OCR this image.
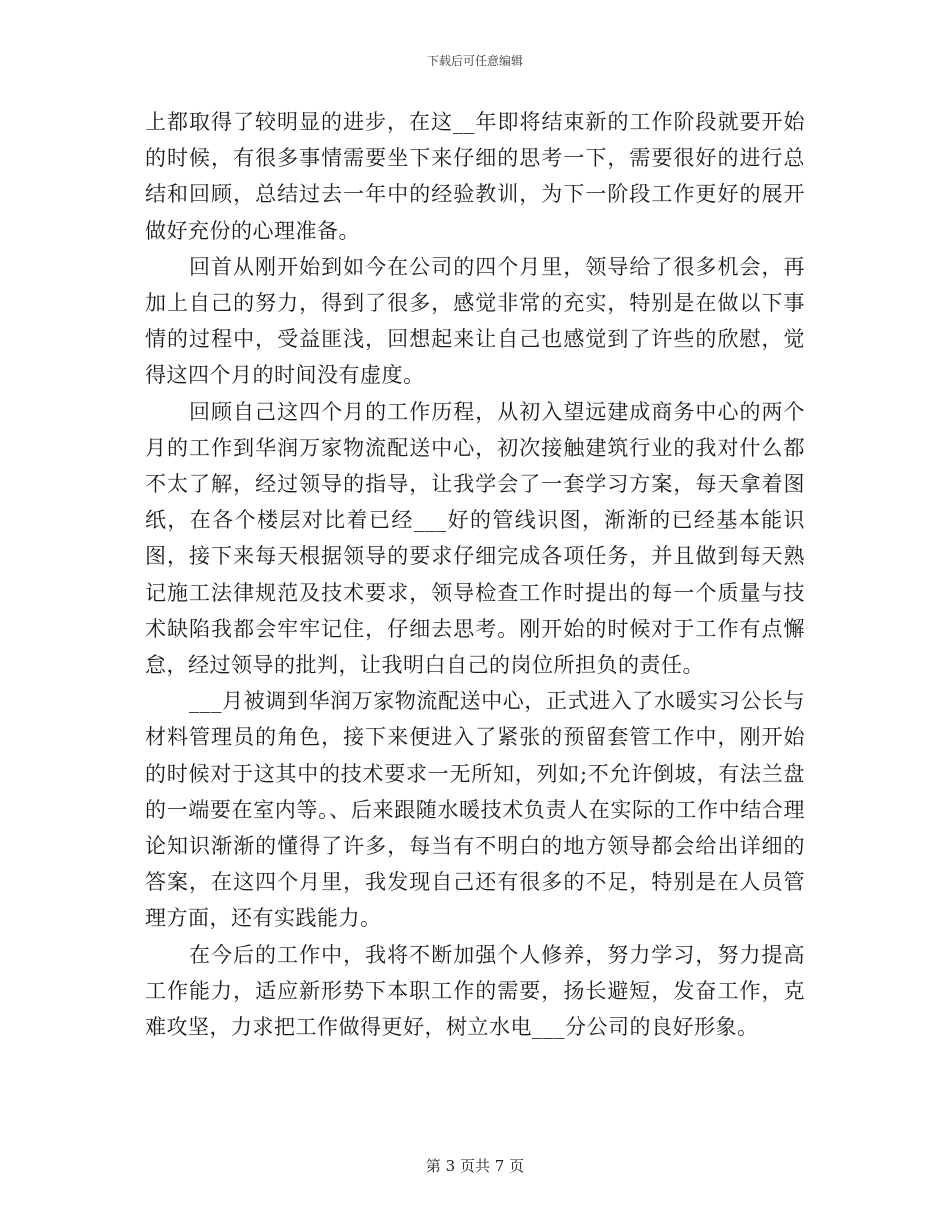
下载后可任意编辑

上都取得了较明显的进步，在这__年即将结束新的工作阶段就要开始的时候，有很多事情需要坐下来仔细的思考一下，需要很好的进行总结和回顾，总结过去一年中的经验教训，为下一阶段工作更好的展开做好充份的心理准备。

回首从刚开始到如今在公司的四个月里，领导给了很多机会，再加上自己的努力，得到了很多，感觉非常的充实，特别是在做以下事情的过程中，受益匪浅，回想起来让自己也感觉到了许些的欣慰，觉得这四个月的时间没有虚度。

回顾自己这四个月的工作历程，从初入望远建成商务中心的两个月的工作到华润万家物流配送中心，初次接触建筑行业的我对什么都不太了解，经过领导的指导，让我学会了一套学习方案，每天拿着图纸，在各个楼层对比着已经___好的管线识图，渐渐的已经基本能识图，接下来每天根据领导的要求仔细完成各项任务，并且做到每天熟记施工法律规范及技术要求，领导检查工作时提出的每一个质量与技术缺陷我都会牢牢记住，仔细去思考。刚开始的时候对于工作有点懈怠，经过领导的批判，让我明白自己的岗位所担负的责任。

___月被调到华润万家物流配送中心，正式进入了水暖实习公长与材料管理员的角色，接下来便进入了紧张的预留套管工作中，刚开始的时候对于这其中的技术要求一无所知，列如;不允许倒坡，有法兰盘的一端要在室内等。、后来跟随水暖技术负责人在实际的工作中结合理论知识渐渐的懂得了许多，每当有不明白的地方领导都会给出详细的答案，在这四个月里，我发现自己还有很多的不足，特别是在人员管理方面，还有实践能力。

在今后的工作中，我将不断加强个人修养，努力学习，努力提高工作能力，适应新形势下本职工作的需要，扬长避短，发奋工作，克难攻坚，力求把工作做得更好，树立水电___分公司的良好形象。

第 3 页共 7 页
